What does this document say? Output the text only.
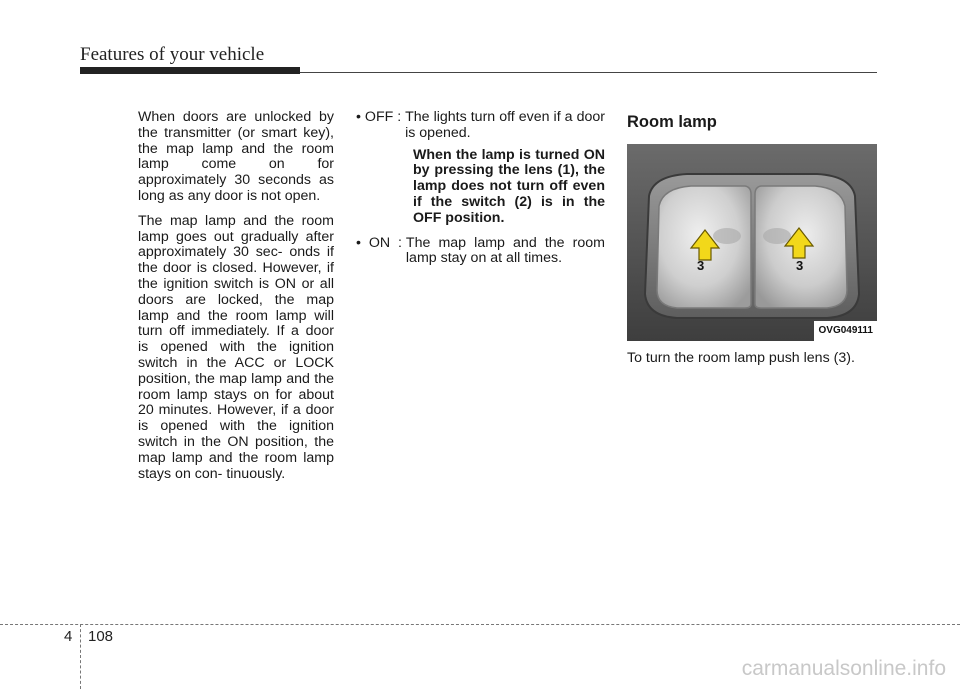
Features of your vehicle

When doors are unlocked by the transmitter (or smart key), the map lamp and the room lamp come on for approximately 30 seconds as long as any door is not open.

The map lamp and the room lamp goes out gradually after approximately 30 sec- onds if the door is closed. However, if the ignition switch is ON or all doors are locked, the map lamp and the room lamp will turn off immediately. If a door is opened with the ignition switch in the ACC or LOCK position, the map lamp and the room lamp stays on for about 20 minutes. However, if a door is opened with the ignition switch in the ON position, the map lamp and the room lamp stays on con- tinuously.

• OFF : The lights turn off even if a door is opened.
When the lamp is turned ON by pressing the lens (1), the lamp does not turn off even if the switch (2) is in the OFF position.
•  ON  : The map lamp and the room lamp stay on at all times.
Room lamp
3	3
OVG049111
To turn the room lamp push lens (3).
4 108
carmanualsonline.info
